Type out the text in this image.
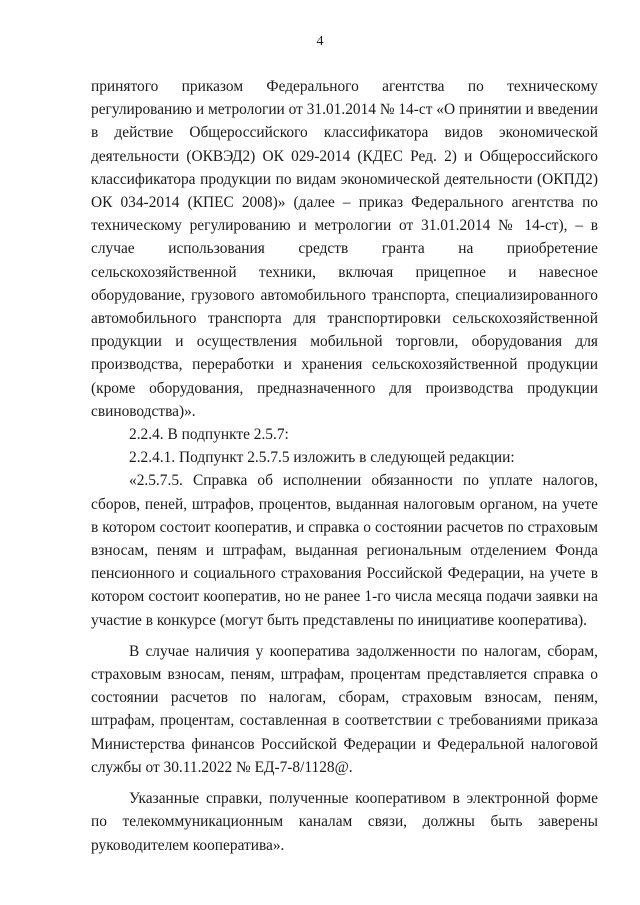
4

принятого приказом Федерального агентства по техническому регулированию и метрологии от 31.01.2014 № 14-ст «О принятии и введении в действие Общероссийского классификатора видов экономической деятельности (ОКВЭД2) ОК 029-2014 (КДЕС Ред. 2) и Общероссийского классификатора продукции по видам экономической деятельности (ОКПД2) ОК 034-2014 (КПЕС 2008)» (далее – приказ Федерального агентства по техническому регулированию и метрологии от 31.01.2014 № 14-ст), – в случае использования средств гранта на приобретение сельскохозяйственной техники, включая прицепное и навесное оборудование, грузового автомобильного транспорта, специализированного автомобильного транспорта для транспортировки сельскохозяйственной продукции и осуществления мобильной торговли, оборудования для производства, переработки и хранения сельскохозяйственной продукции (кроме оборудования, предназначенного для производства продукции свиноводства)».

2.2.4. В подпункте 2.5.7:

2.2.4.1. Подпункт 2.5.7.5 изложить в следующей редакции:

«2.5.7.5. Справка об исполнении обязанности по уплате налогов, сборов, пеней, штрафов, процентов, выданная налоговым органом, на учете в котором состоит кооператив, и справка о состоянии расчетов по страховым взносам, пеням и штрафам, выданная региональным отделением Фонда пенсионного и социального страхования Российской Федерации, на учете в котором состоит кооператив, но не ранее 1-го числа месяца подачи заявки на участие в конкурсе (могут быть представлены по инициативе кооператива).

В случае наличия у кооператива задолженности по налогам, сборам, страховым взносам, пеням, штрафам, процентам представляется справка о состоянии расчетов по налогам, сборам, страховым взносам, пеням, штрафам, процентам, составленная в соответствии с требованиями приказа Министерства финансов Российской Федерации и Федеральной налоговой службы от 30.11.2022 № ЕД-7-8/1128@.

Указанные справки, полученные кооперативом в электронной форме по телекоммуникационным каналам связи, должны быть заверены руководителем кооператива».
